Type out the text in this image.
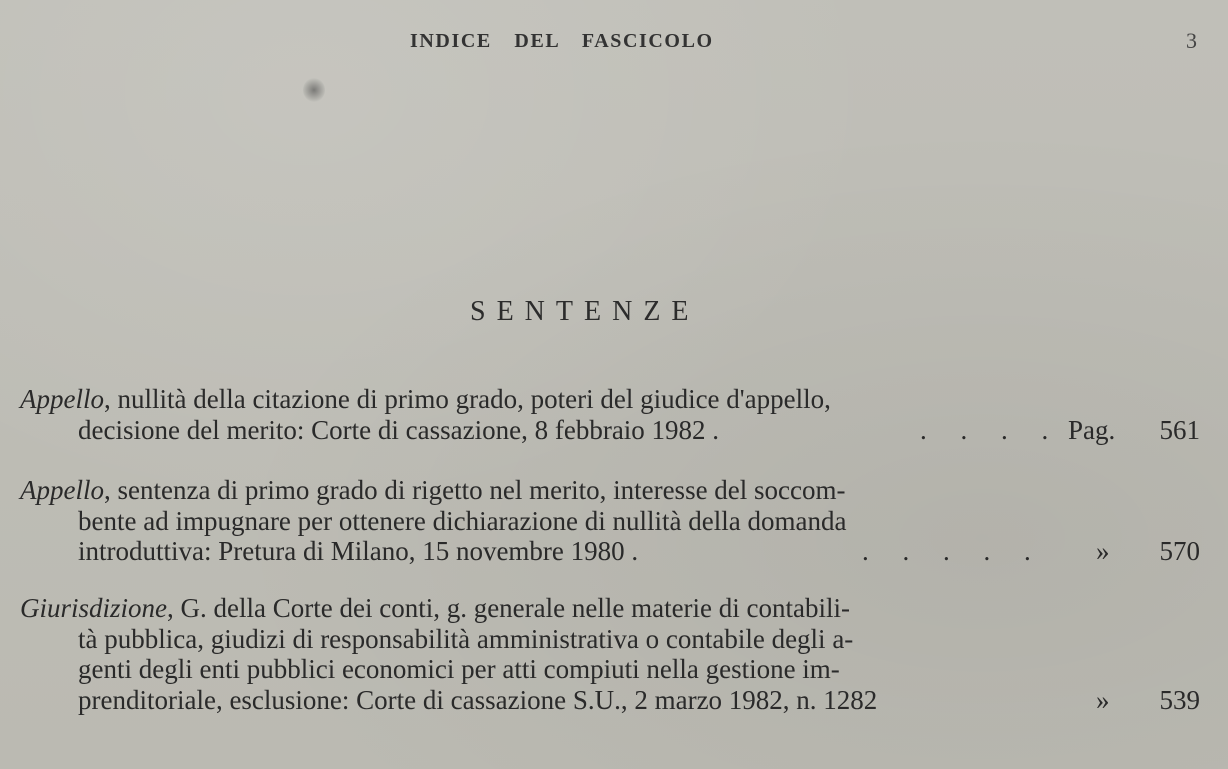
INDICE DEL FASCICOLO	3
SENTENZE
Appello, nullità della citazione di primo grado, poteri del giudice d'appello,
decisione del merito: Corte di cassazione, 8 febbraio 1982 .	.     .     .     . Pag. 561
Appello, sentenza di primo grado di rigetto nel merito, interesse del soccom-
bente ad impugnare per ottenere dichiarazione di nullità della domanda
introduttiva: Pretura di Milano, 15 novembre 1980 .	.     .     .     .     . » 570
Giurisdizione, G. della Corte dei conti, g. generale nelle materie di contabili-
tà pubblica, giudizi di responsabilità amministrativa o contabile degli a-
genti degli enti pubblici economici per atti compiuti nella gestione im-
prenditoriale, esclusione: Corte di cassazione S.U., 2 marzo 1982, n. 1282	» 539
